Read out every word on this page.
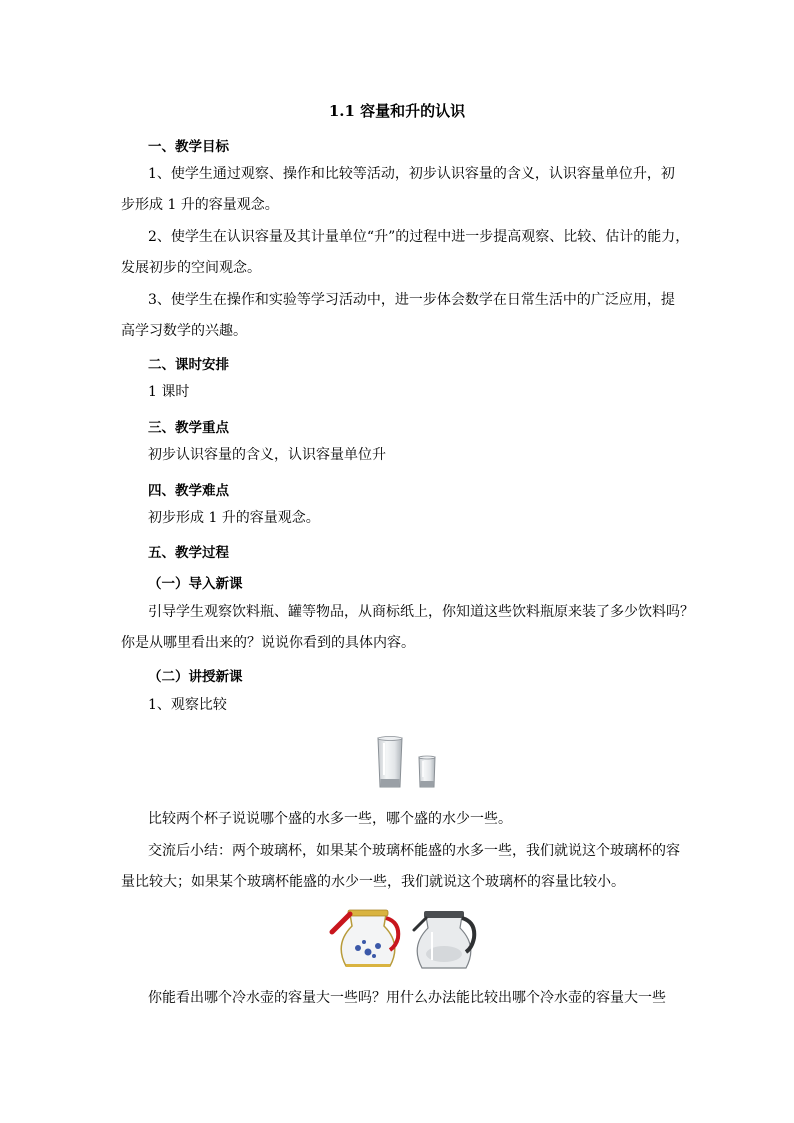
1.1 容量和升的认识
一、教学目标
1、使学生通过观察、操作和比较等活动，初步认识容量的含义，认识容量单位升，初
步形成 1 升的容量观念。
2、使学生在认识容量及其计量单位“升”的过程中进一步提高观察、比较、估计的能力，
发展初步的空间观念。
3、使学生在操作和实验等学习活动中，进一步体会数学在日常生活中的广泛应用，提
高学习数学的兴趣。
二、课时安排
1 课时
三、教学重点
初步认识容量的含义，认识容量单位升
四、教学难点
初步形成 1 升的容量观念。
五、教学过程
（一）导入新课
引导学生观察饮料瓶、罐等物品，从商标纸上，你知道这些饮料瓶原来装了多少饮料吗？
你是从哪里看出来的？说说你看到的具体内容。
（二）讲授新课
1、观察比较
比较两个杯子说说哪个盛的水多一些，哪个盛的水少一些。
交流后小结：两个玻璃杯，如果某个玻璃杯能盛的水多一些，我们就说这个玻璃杯的容
量比较大；如果某个玻璃杯能盛的水少一些，我们就说这个玻璃杯的容量比较小。
你能看出哪个冷水壶的容量大一些吗？用什么办法能比较出哪个冷水壶的容量大一些
